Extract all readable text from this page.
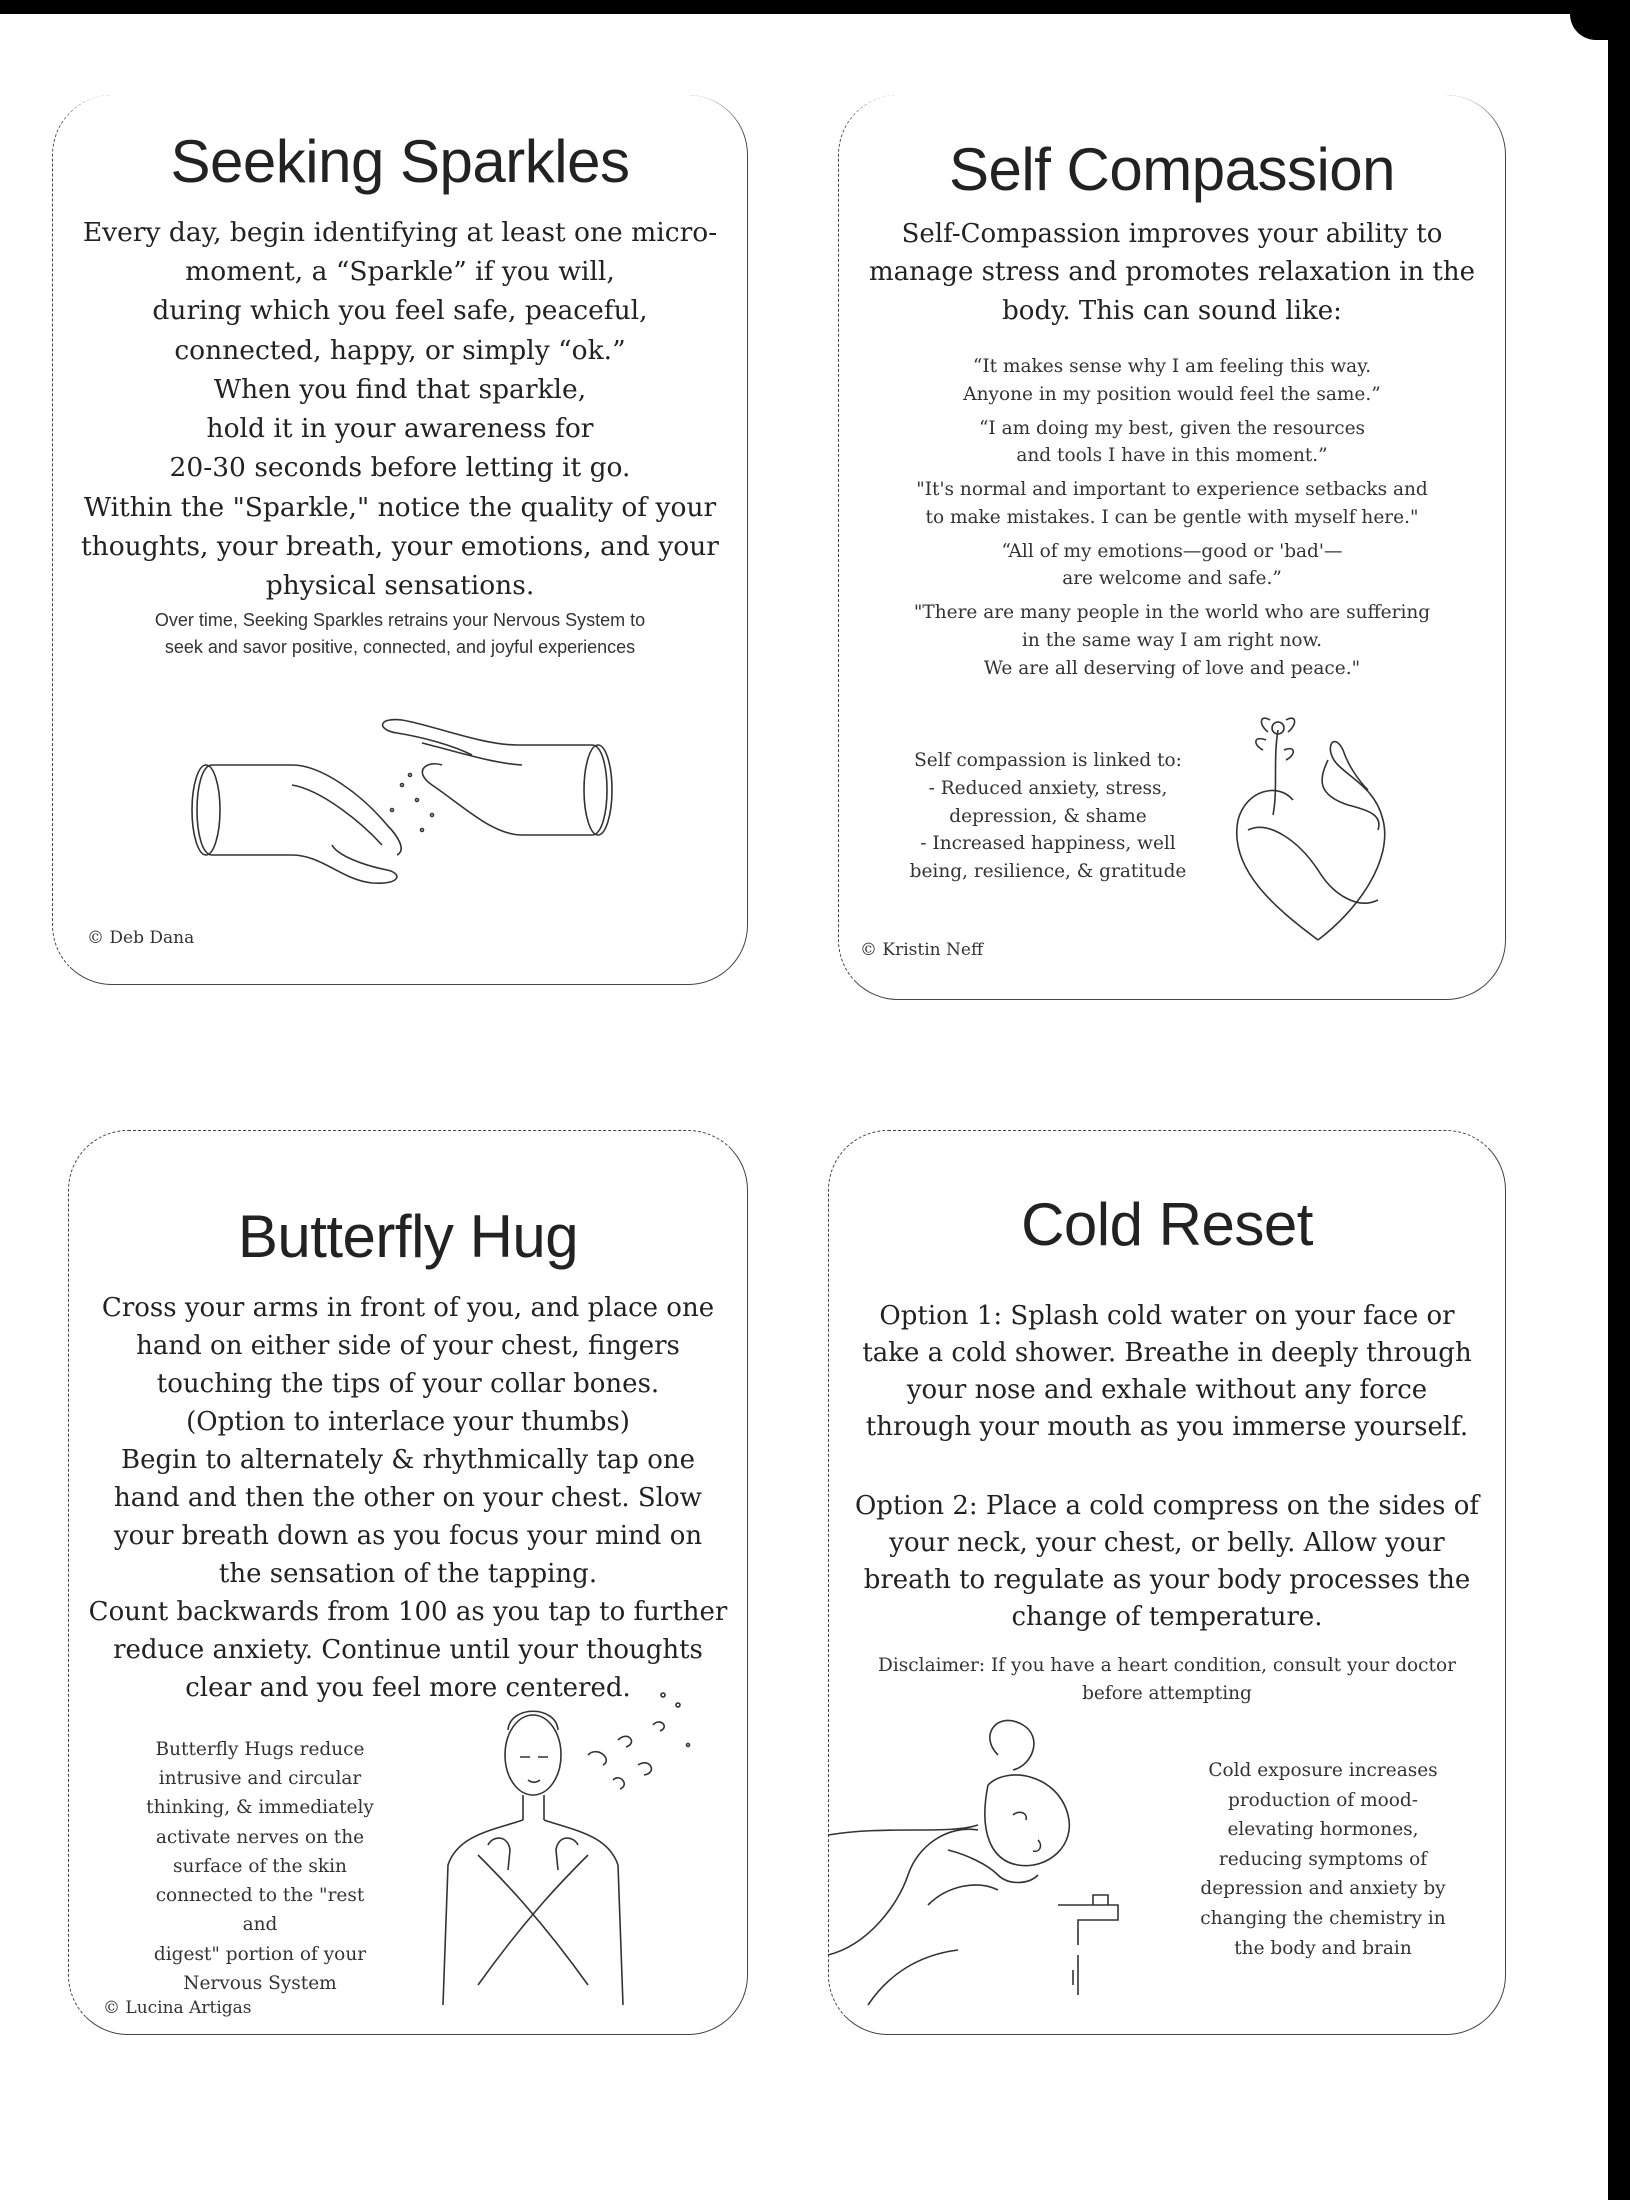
Seeking Sparkles

Every day, begin identifying at least one micro-

moment, a “Sparkle” if you will,

during which you feel safe, peaceful,

connected, happy, or simply “ok.”

When you find that sparkle,

hold it in your awareness for

20-30 seconds before letting it go.

Within the "Sparkle," notice the quality of your

thoughts, your breath, your emotions, and your

physical sensations.

Over time, Seeking Sparkles retrains your Nervous System to
seek and savor positive, connected, and joyful experiences
© Deb Dana
Self Compassion

Self-Compassion improves your ability to

manage stress and promotes relaxation in the

body. This can sound like:

“It makes sense why I am feeling this way.
Anyone in my position would feel the same.”
“I am doing my best, given the resources
and tools I have in this moment.”
"It's normal and important to experience setbacks and
to make mistakes. I can be gentle with myself here."
“All of my emotions—good or 'bad'—
are welcome and safe.”
"There are many people in the world who are suffering
in the same way I am right now.
We are all deserving of love and peace."
Self compassion is linked to:
- Reduced anxiety, stress,
depression, & shame
- Increased happiness, well
being, resilience, & gratitude
© Kristin Neff
Butterfly Hug

Cross your arms in front of you, and place one

hand on either side of your chest, fingers

touching the tips of your collar bones.

(Option to interlace your thumbs)

Begin to alternately & rhythmically tap one

hand and then the other on your chest. Slow

your breath down as you focus your mind on

the sensation of the tapping.

Count backwards from 100 as you tap to further

reduce anxiety. Continue until your thoughts

clear and you feel more centered.

Butterfly Hugs reduce
intrusive and circular
thinking, & immediately
activate nerves on the
surface of the skin
connected to the "rest and
digest" portion of your
Nervous System
© Lucina Artigas
Cold Reset

Option 1: Splash cold water on your face or

take a cold shower. Breathe in deeply through

your nose and exhale without any force

through your mouth as you immerse yourself.

Option 2: Place a cold compress on the sides of

your neck, your chest, or belly. Allow your

breath to regulate as your body processes the

change of temperature.

Disclaimer: If you have a heart condition, consult your doctor
before attempting
Cold exposure increases
production of mood-
elevating hormones,
reducing symptoms of
depression and anxiety by
changing the chemistry in
the body and brain
